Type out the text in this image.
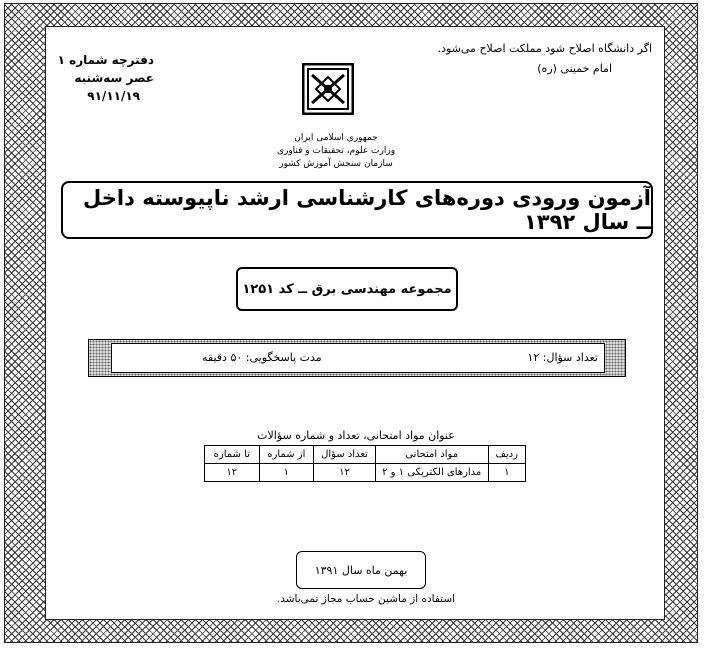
اگر دانشگاه اصلاح شود مملکت اصلاح می‌شود.
امام خمینی (ره)
دفترچه شماره ۱
عصر سه‌شنبه
۹۱/۱۱/۱۹
جمهوری اسلامی ایران
وزارت علوم، تحقیقات و فناوری
سازمان سنجش آموزش کشور
آزمون ورودی دوره‌های کارشناسی ارشد ناپیوسته داخل ــ سال ۱۳۹۲
مجموعه مهندسی برق ــ کد ۱۲۵۱
تعداد سؤال: ۱۲
مدت پاسخگویی: ۵۰ دقیقه
عنوان مواد امتحانی، تعداد و شماره سؤالات
ردیف	مواد امتحانی	تعداد سؤال	از شماره	تا شماره
۱	مدارهای الکتریکی ۱ و ۲	۱۲	۱	۱۲
بهمن ماه سال ۱۳۹۱
استفاده از ماشین حساب مجاز نمی‌باشد.
